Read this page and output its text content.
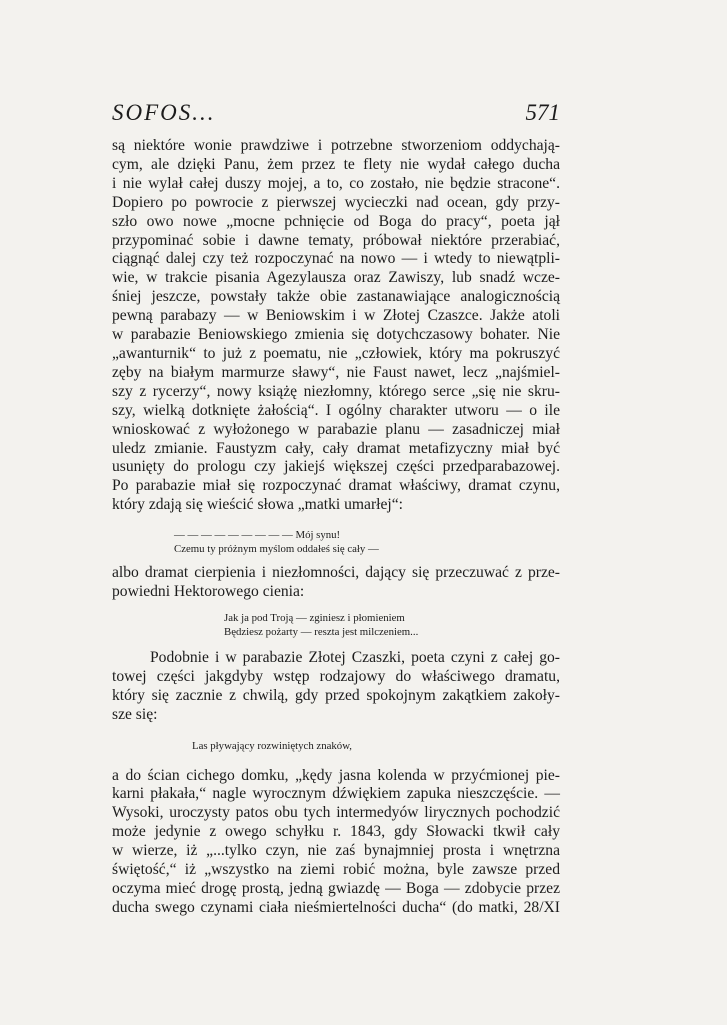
SOFOS...	571
są niektóre wonie prawdziwe i potrzebne stworzeniom oddychają-
cym, ale dzięki Panu, żem przez te flety nie wydał całego ducha
i nie wylał całej duszy mojej, a to, co zostało, nie będzie stracone“.
Dopiero po powrocie z pierwszej wycieczki nad ocean, gdy przy-
szło owo nowe „mocne pchnięcie od Boga do pracy“, poeta jął
przypominać sobie i dawne tematy, próbował niektóre przerabiać,
ciągnąć dalej czy też rozpoczynać na nowo — i wtedy to niewątpli-
wie, w trakcie pisania Agezylausza oraz Zawiszy, lub snadź wcze-
śniej jeszcze, powstały także obie zastanawiające analogicznością
pewną parabazy — w Beniowskim i w Złotej Czaszce. Jakże atoli
w parabazie Beniowskiego zmienia się dotychczasowy bohater. Nie
„awanturnik“ to już z poematu, nie „człowiek, który ma pokruszyć
zęby na białym marmurze sławy“, nie Faust nawet, lecz „najśmiel-
szy z rycerzy“, nowy książę niezłomny, którego serce „się nie skru-
szy, wielką dotknięte żałością“. I ogólny charakter utworu — o ile
wnioskować z wyłożonego w parabazie planu — zasadniczej miał
uledz zmianie. Faustyzm cały, cały dramat metafizyczny miał być
usunięty do prologu czy jakiejś większej części przedparabazowej.
Po parabazie miał się rozpoczynać dramat właściwy, dramat czynu,
który zdają się wieścić słowa „matki umarłej“:
— — — — — — — — — Mój synu!
Czemu ty próżnym myślom oddałeś się cały —
albo dramat cierpienia i niezłomności, dający się przeczuwać z prze-
powiedni Hektorowego cienia:
Jak ja pod Troją — zginiesz i płomieniem
Będziesz pożarty — reszta jest milczeniem...
Podobnie i w parabazie Złotej Czaszki, poeta czyni z całej go-
towej części jakgdyby wstęp rodzajowy do właściwego dramatu,
który się zacznie z chwilą, gdy przed spokojnym zakątkiem zakoły-
sze się:
Las pływający rozwiniętych znaków,
a do ścian cichego domku, „kędy jasna kolenda w przyćmionej pie-
karni płakała,“ nagle wyrocznym dźwiękiem zapuka nieszczęście. —
Wysoki, uroczysty patos obu tych intermedyów lirycznych pochodzić
może jedynie z owego schyłku r. 1843, gdy Słowacki tkwił cały
w wierze, iż „...tylko czyn, nie zaś bynajmniej prosta i wnętrzna
świętość,“ iż „wszystko na ziemi robić można, byle zawsze przed
oczyma mieć drogę prostą, jedną gwiazdę — Boga — zdobycie przez
ducha swego czynami ciała nieśmiertelności ducha“ (do matki, 28/XI
